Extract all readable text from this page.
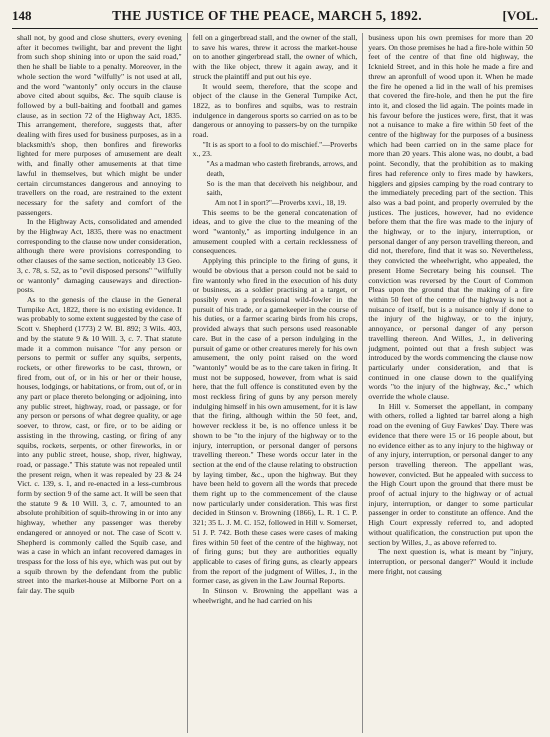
148	THE JUSTICE OF THE PEACE, MARCH 5, 1892.	[VOL.

shall not, by good and close shutters, every evening after it becomes twilight, bar and prevent the light from such shop shining into or upon the said road," then he shall be liable to a penalty. Moreover, in the whole section the word "wilfully" is not used at all, and the word "wantonly" only occurs in the clause above cited about squibs, &c. The squib clause is followed by a bull-baiting and football and games clause, as in section 72 of the Highway Act, 1835. This arrangement, therefore, suggests that, after dealing with fires used for business purposes, as in a blacksmith's shop, then bonfires and fireworks lighted for mere purposes of amusement are dealt with, and finally other amusements at that time lawful in themselves, but which might be under certain circumstances dangerous and annoying to travellers on the road, are restrained to the extent necessary for the safety and comfort of the passengers.

In the Highway Acts, consolidated and amended by the Highway Act, 1835, there was no enactment corresponding to the clause now under consideration, although there were provisions corresponding to other clauses of the same section, noticeably 13 Geo. 3, c. 78, s. 52, as to "evil disposed persons" "wilfully or wantonly" damaging causeways and direction-posts.

As to the genesis of the clause in the General Turnpike Act, 1822, there is no existing evidence. It was probably to some extent suggested by the case of Scott v. Shepherd (1773) 2 W. Bl. 892; 3 Wils. 403, and by the statute 9 & 10 Will. 3, c. 7. That statute made it a common nuisance "for any person or persons to permit or suffer any squibs, serpents, rockets, or other fireworks to be cast, thrown, or fired from, out of, or in his or her or their house, houses, lodgings, or habitations, or from, out of, or in any part or place thereto belonging or adjoining, into any public street, highway, road, or passage, or for any person or persons of what degree quality, or age soever, to throw, cast, or fire, or to be aiding or assisting in the throwing, casting, or firing of any squibs, rockets, serpents, or other fireworks, in or into any public street, house, shop, river, highway, road, or passage." This statute was not repealed until the present reign, when it was repealed by 23 & 24 Vict. c. 139, s. 1, and re-enacted in a less-cumbrous form by section 9 of the same act. It will be seen that the statute 9 & 10 Will. 3, c. 7, amounted to an absolute prohibition of squib-throwing in or into any highway, whether any passenger was thereby endangered or annoyed or not. The case of Scott v. Shepherd is commonly called the Squib case, and was a case in which an infant recovered damages in trespass for the loss of his eye, which was put out by a squib thrown by the defendant from the public street into the market-house at Milborne Port on a fair day. The squib

fell on a gingerbread stall, and the owner of the stall, to save his wares, threw it across the market-house on to another gingerbread stall, the owner of which, with the like object, threw it again away, and it struck the plaintiff and put out his eye.

It would seem, therefore, that the scope and object of the clause in the General Turnpike Act, 1822, as to bonfires and squibs, was to restrain indulgence in dangerous sports so carried on as to be dangerous or annoying to passers-by on the turnpike road.

"It is as sport to a fool to do mischief."—Proverbs x., 23.

"As a madman who casteth firebrands, arrows, and death,

So is the man that deceiveth his neighbour, and saith,

Am not I in sport?"—Proverbs xxvi., 18, 19.

This seems to be the general concatenation of ideas, and to give the clue to the meaning of the word "wantonly," as importing indulgence in an amusement coupled with a certain recklessness of consequences.

Applying this principle to the firing of guns, it would be obvious that a person could not be said to fire wantonly who fired in the execution of his duty or business, as a soldier practising at a target, or possibly even a professional wild-fowler in the pursuit of his trade, or a gamekeeper in the course of his duties, or a farmer scaring birds from his crops, provided always that such persons used reasonable care. But in the case of a person indulging in the pursuit of game or other creatures merely for his own amusement, the only point raised on the word "wantonly" would be as to the care taken in firing. It must not be supposed, however, from what is said here, that the full offence is constituted even by the most reckless firing of guns by any person merely indulging himself in his own amusement, for it is law that the firing, although within the 50 feet, and, however reckless it be, is no offence unless it be shown to be "to the injury of the highway or to the injury, interruption, or personal danger of persons travelling thereon." These words occur later in the section at the end of the clause relating to obstruction by laying timber, &c., upon the highway. But they have been held to govern all the words that precede them right up to the commencement of the clause now particularly under consideration. This was first decided in Stinson v. Browning (1866), L. R. 1 C. P. 321; 35 L. J. M. C. 152, followed in Hill v. Somerset, 51 J. P. 742. Both these cases were cases of making fires within 50 feet of the centre of the highway, not of firing guns; but they are authorities equally applicable to cases of firing guns, as clearly appears from the report of the judgment of Willes, J., in the former case, as given in the Law Journal Reports.

In Stinson v. Browning the appellant was a wheelwright, and he had carried on his

business upon his own premises for more than 20 years. On those premises he had a fire-hole within 50 feet of the centre of that fine old highway, the Icknield Street, and in this hole he made a fire and threw an apronfull of wood upon it. When he made the fire he opened a lid in the wall of his premises that covered the fire-hole, and then he put the fire into it, and closed the lid again. The points made in his favour before the justices were, first, that it was not a nuisance to make a fire within 50 feet of the centre of the highway for the purposes of a business which had been carried on in the same place for more than 20 years. This alone was, no doubt, a bad point. Secondly, that the prohibition as to making fires had reference only to fires made by hawkers, higglers and gipsies camping by the road contrary to the immediately preceding part of the section. This also was a bad point, and properly overruled by the justices. The justices, however, had no evidence before them that the fire was made to the injury of the highway, or to the injury, interruption, or personal danger of any person travelling thereon, and did not, therefore, find that it was so. Nevertheless, they convicted the wheelwright, who appealed, the present Home Secretary being his counsel. The conviction was reversed by the Court of Common Pleas upon the ground that the making of a fire within 50 feet of the centre of the highway is not a nuisance of itself, but is a nuisance only if done to the injury of the highway, or to the injury, annoyance, or personal danger of any person travelling thereon. And Willes, J., in delivering judgment, pointed out that a fresh subject was introduced by the words commencing the clause now particularly under consideration, and that is continued in one clause down to the qualifying words "to the injury of the highway, &c.," which override the whole clause.

In Hill v. Somerset the appellant, in company with others, rolled a lighted tar barrel along a high road on the evening of Guy Fawkes' Day. There was evidence that there were 15 or 16 people about, but no evidence either as to any injury to the highway or of any injury, interruption, or personal danger to any person travelling thereon. The appellant was, however, convicted. But he appealed with success to the High Court upon the ground that there must be proof of actual injury to the highway or of actual injury, interruption, or danger to some particular passenger in order to constitute an offence. And the High Court expressly referred to, and adopted without qualification, the construction put upon the section by Willes, J., as above referred to.

The next question is, what is meant by "injury, interruption, or personal danger?" Would it include mere fright, not causing
